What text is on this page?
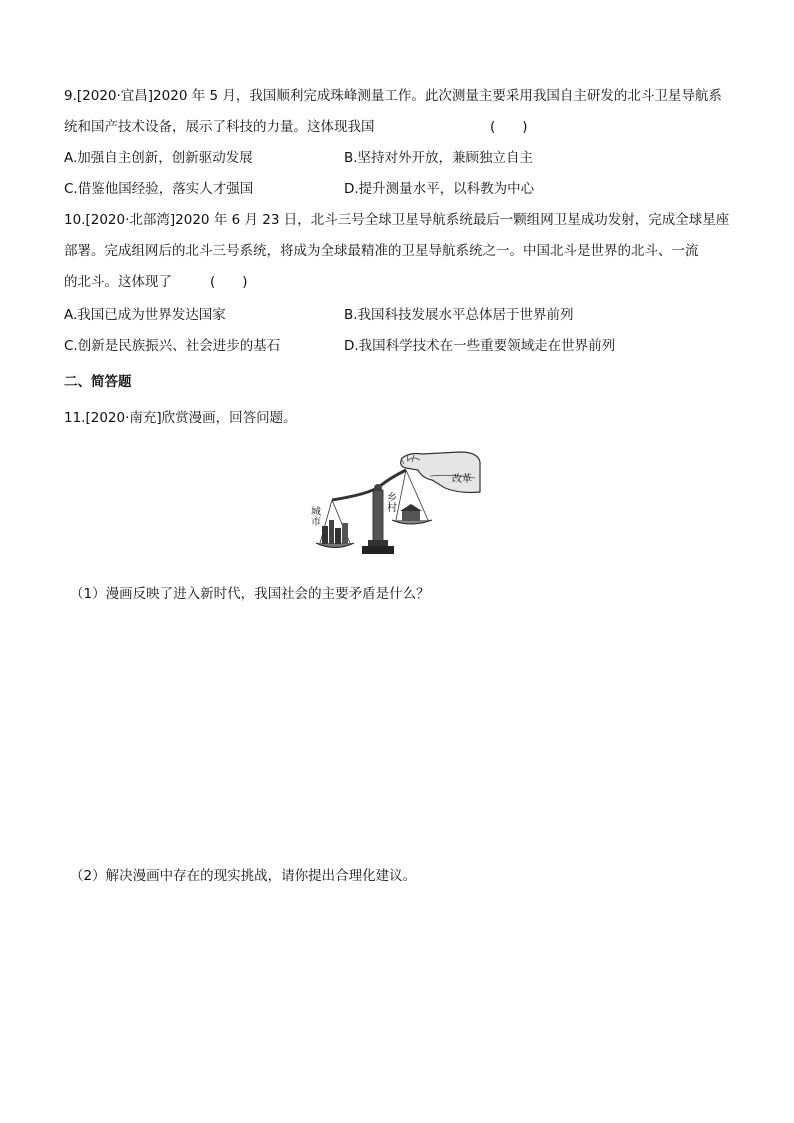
9.[2020·宜昌]2020 年 5 月，我国顺利完成珠峰测量工作。此次测量主要采用我国自主研发的北斗卫星导航系
统和国产技术设备，展示了科技的力量。这体现我国	(　　)
A.加强自主创新，创新驱动发展	B.坚持对外开放，兼顾独立自主
C.借鉴他国经验，落实人才强国	D.提升测量水平，以科教为中心
10.[2020·北部湾]2020 年 6 月 23 日，北斗三号全球卫星导航系统最后一颗组网卫星成功发射，完成全球星座
部署。完成组网后的北斗三号系统，将成为全球最精准的卫星导航系统之一。中国北斗是世界的北斗、一流
的北斗。这体现了	(　　)
A.我国已成为世界发达国家	B.我国科技发展水平总体居于世界前列
C.创新是民族振兴、社会进步的基石	D.我国科学技术在一些重要领域走在世界前列
二、简答题
11.[2020·南充]欣赏漫画，回答问题。
改革
城市
乡村
（1）漫画反映了进入新时代，我国社会的主要矛盾是什么？
（2）解决漫画中存在的现实挑战，请你提出合理化建议。
